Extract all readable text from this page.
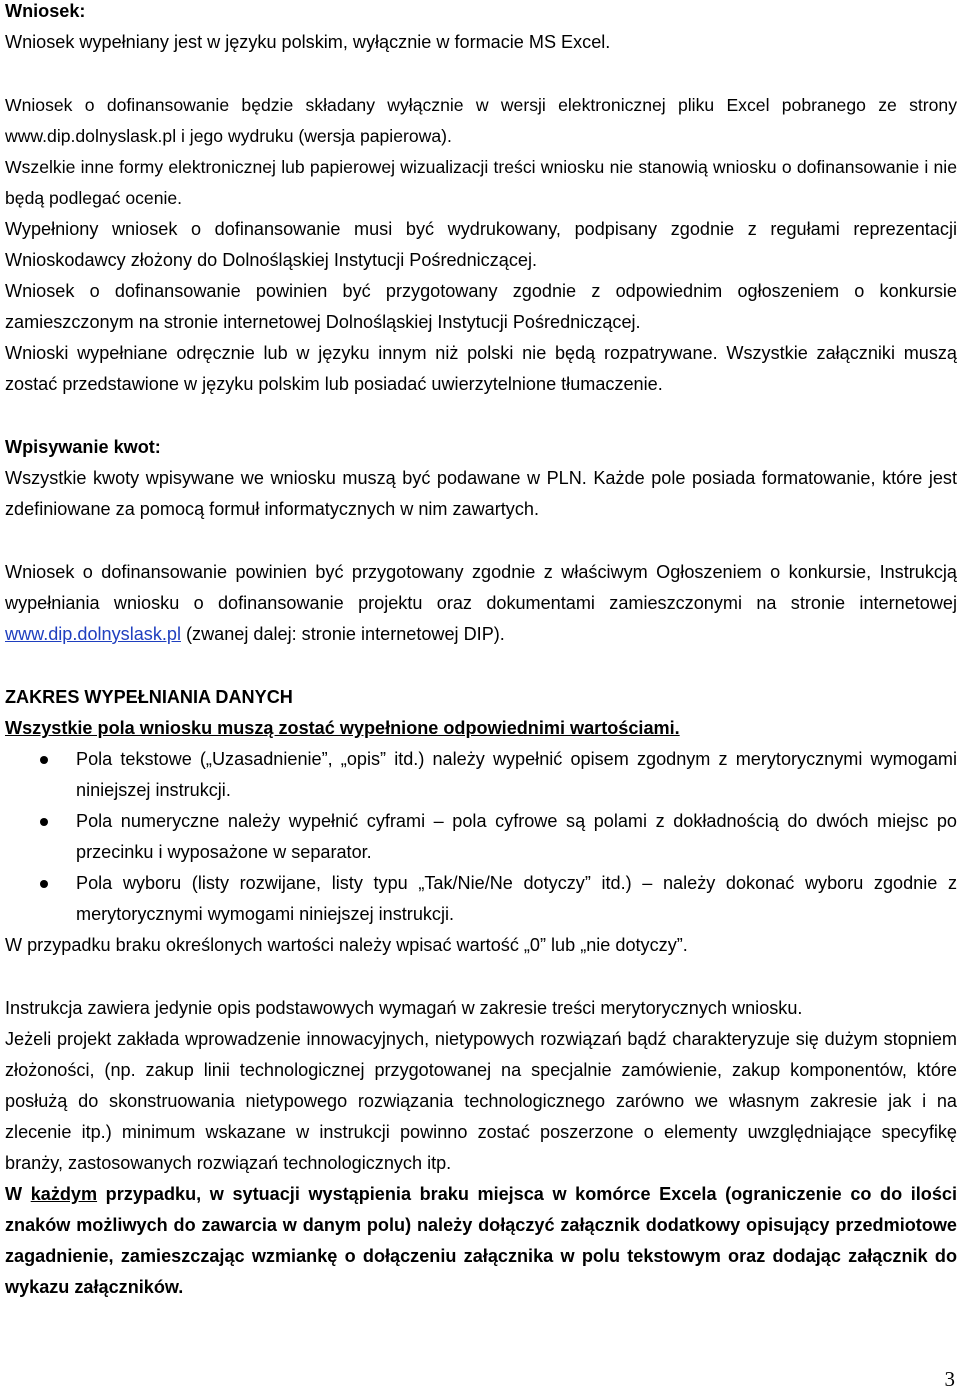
Wniosek:

Wniosek wypełniany jest w języku polskim, wyłącznie w formacie MS Excel.

Wniosek o dofinansowanie będzie składany wyłącznie w wersji elektronicznej pliku Excel pobranego ze strony www.dip.dolnyslask.pl i jego wydruku (wersja papierowa).

Wszelkie inne formy elektronicznej lub papierowej wizualizacji treści wniosku nie stanowią wniosku o dofinansowanie i nie będą podlegać ocenie.

Wypełniony wniosek o dofinansowanie musi być wydrukowany, podpisany zgodnie z regułami reprezentacji Wnioskodawcy złożony do Dolnośląskiej Instytucji Pośredniczącej.

Wniosek o dofinansowanie powinien być przygotowany zgodnie z odpowiednim ogłoszeniem o konkursie zamieszczonym na stronie internetowej Dolnośląskiej Instytucji Pośredniczącej.

Wnioski wypełniane odręcznie lub w języku innym niż polski nie będą rozpatrywane. Wszystkie załączniki muszą zostać przedstawione w języku polskim lub posiadać uwierzytelnione tłumaczenie.

Wpisywanie kwot:

Wszystkie kwoty wpisywane we wniosku muszą być podawane w PLN. Każde pole posiada formatowanie, które jest zdefiniowane za pomocą formuł informatycznych w nim zawartych.

Wniosek o dofinansowanie powinien być przygotowany zgodnie z właściwym Ogłoszeniem o konkursie, Instrukcją wypełniania wniosku o dofinansowanie projektu oraz dokumentami zamieszczonymi na stronie internetowej www.dip.dolnyslask.pl (zwanej dalej: stronie internetowej DIP).

ZAKRES WYPEŁNIANIA DANYCH

Wszystkie pola wniosku muszą zostać wypełnione odpowiednimi wartościami.

Pola tekstowe („Uzasadnienie”, „opis” itd.) należy wypełnić opisem zgodnym z merytorycznymi wymogami niniejszej instrukcji.
Pola numeryczne należy wypełnić cyframi – pola cyfrowe są polami z dokładnością do dwóch miejsc po przecinku i wyposażone w separator.
Pola wyboru (listy rozwijane, listy typu „Tak/Nie/Ne dotyczy” itd.) – należy dokonać wyboru zgodnie z merytorycznymi wymogami niniejszej instrukcji.

W przypadku braku określonych wartości należy wpisać wartość „0” lub „nie dotyczy”.

Instrukcja zawiera jedynie opis podstawowych wymagań w zakresie treści merytorycznych wniosku.

Jeżeli projekt zakłada wprowadzenie innowacyjnych, nietypowych rozwiązań bądź charakteryzuje się dużym stopniem złożoności, (np. zakup linii technologicznej przygotowanej na specjalnie zamówienie, zakup komponentów, które posłużą do skonstruowania nietypowego rozwiązania technologicznego zarówno we własnym zakresie jak i na zlecenie itp.) minimum wskazane w instrukcji powinno zostać poszerzone o elementy uwzględniające specyfikę branży, zastosowanych rozwiązań technologicznych itp.

W każdym przypadku, w sytuacji wystąpienia braku miejsca w komórce Excela (ograniczenie co do ilości znaków możliwych do zawarcia w danym polu) należy dołączyć załącznik dodatkowy opisujący przedmiotowe zagadnienie, zamieszczając wzmiankę o dołączeniu załącznika w polu tekstowym oraz dodając załącznik do wykazu załączników.

3
